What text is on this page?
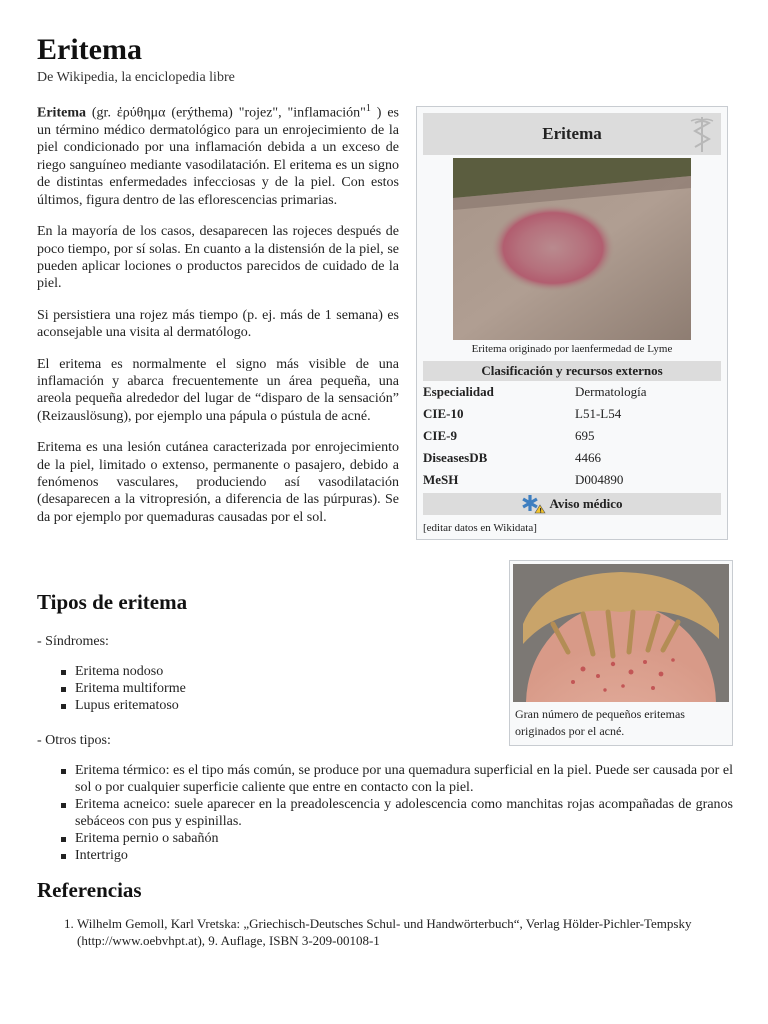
Eritema
De Wikipedia, la enciclopedia libre

Eritema (gr. ἐρύθημα (erýthema) "rojez", "inflamación"$^1$ ) es un término médico dermatológico para un enrojecimiento de la piel condicionado por una inflamación debida a un exceso de riego sanguíneo mediante vasodilatación. El eritema es un signo de distintas enfermedades infecciosas y de la piel. Con estos últimos, figura dentro de las eflorescencias primarias.

En la mayoría de los casos, desaparecen las rojeces después de poco tiempo, por sí solas. En cuanto a la distensión de la piel, se pueden aplicar lociones o productos parecidos de cuidado de la piel.

Si persistiera una rojez más tiempo (p. ej. más de 1 semana) es aconsejable una visita al dermatólogo.

El eritema es normalmente el signo más visible de una inflamación y abarca frecuentemente un área pequeña, una areola pequeña alrededor del lugar de “disparo de la sensación” (Reizauslösung), por ejemplo una pápula o pústula de acné.

Eritema es una lesión cutánea caracterizada por enrojecimiento de la piel, limitado o extenso, permanente o pasajero, debido a fenómenos vasculares, produciendo así vasodilatación (desaparecen a la vitropresión, a diferencia de las púrpuras). Se da por ejemplo por quemaduras causadas por el sol.

Eritema
Eritema originado por laenfermedad de Lyme
Clasificación y recursos externos
Especialidad	Dermatología
CIE-10	L51-L54
CIE-9	695
DiseasesDB	4466
MeSH	D004890
! Aviso médico
[editar datos en Wikidata]
Gran número de pequeños eritemas originados por el acné.
Tipos de eritema

- Síndromes:

Eritema nodoso
Eritema multiforme
Lupus eritematoso

- Otros tipos:

Eritema térmico: es el tipo más común, se produce por una quemadura superficial en la piel. Puede ser causada por el sol o por cualquier superficie caliente que entre en contacto con la piel.
Eritema acneico: suele aparecer en la preadolescencia y adolescencia como manchitas rojas acompañadas de granos sebáceos con pus y espinillas.
Eritema pernio o sabañón
Intertrigo
Referencias
1. Wilhelm Gemoll, Karl Vretska: „Griechisch-Deutsches Schul- und Handwörterbuch“, Verlag Hölder-Pichler-Tempsky (http://www.oebvhpt.at), 9. Auflage, ISBN 3-209-00108-1
